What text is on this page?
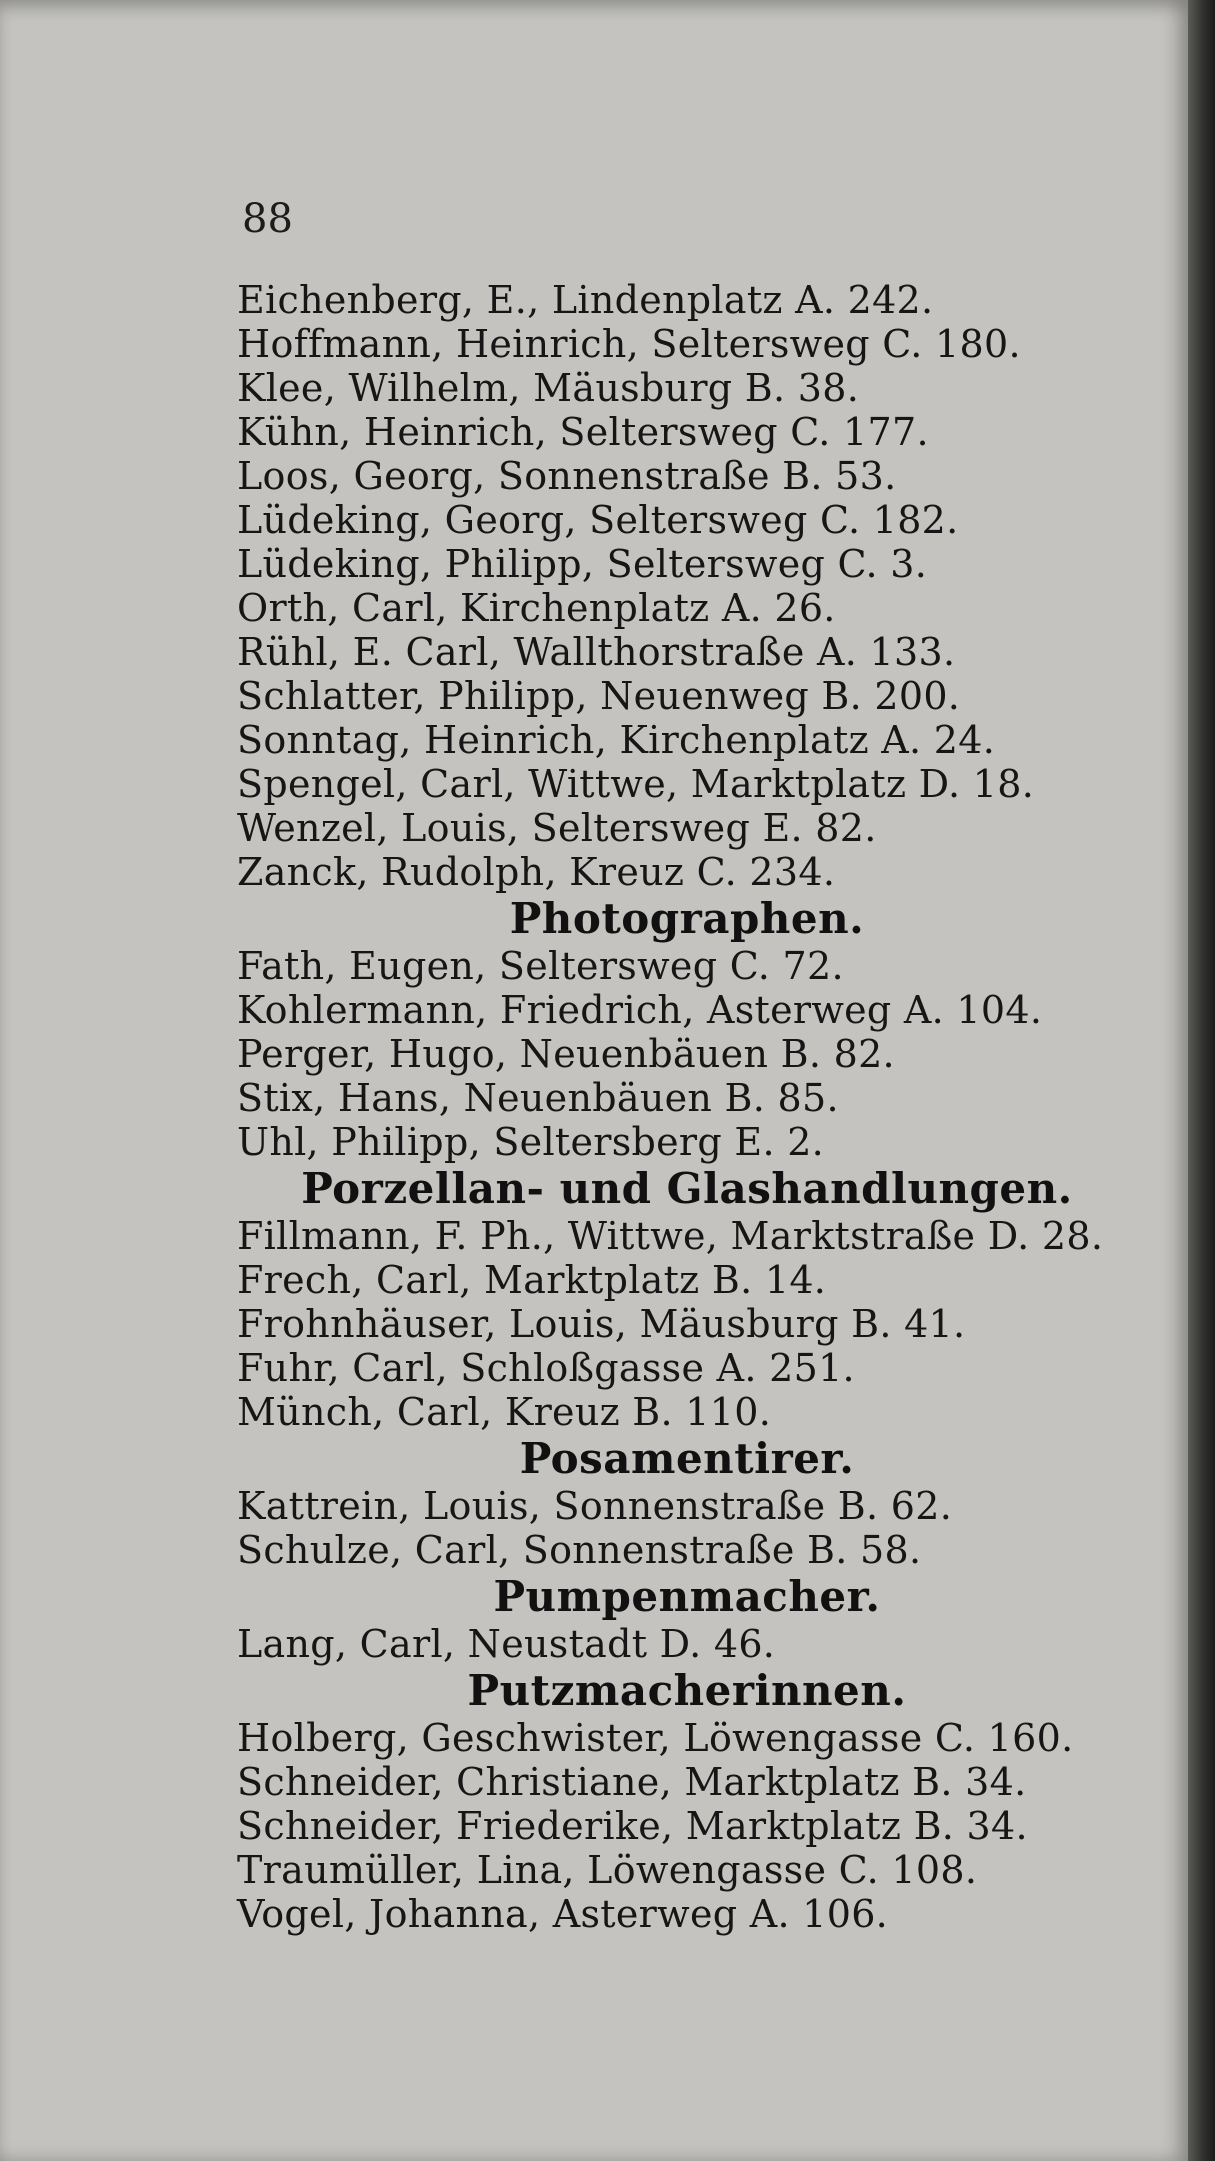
88
Eichenberg, E., Lindenplatz A. 242.
Hoffmann, Heinrich, Seltersweg C. 180.
Klee, Wilhelm, Mäusburg B. 38.
Kühn, Heinrich, Seltersweg C. 177.
Loos, Georg, Sonnenstraße B. 53.
Lüdeking, Georg, Seltersweg C. 182.
Lüdeking, Philipp, Seltersweg C. 3.
Orth, Carl, Kirchenplatz A. 26.
Rühl, E. Carl, Wallthorstraße A. 133.
Schlatter, Philipp, Neuenweg B. 200.
Sonntag, Heinrich, Kirchenplatz A. 24.
Spengel, Carl, Wittwe, Marktplatz D. 18.
Wenzel, Louis, Seltersweg E. 82.
Zanck, Rudolph, Kreuz C. 234.
Photographen.
Fath, Eugen, Seltersweg C. 72.
Kohlermann, Friedrich, Asterweg A. 104.
Perger, Hugo, Neuenbäuen B. 82.
Stix, Hans, Neuenbäuen B. 85.
Uhl, Philipp, Seltersberg E. 2.
Porzellan- und Glashandlungen.
Fillmann, F. Ph., Wittwe, Marktstraße D. 28.
Frech, Carl, Marktplatz B. 14.
Frohnhäuser, Louis, Mäusburg B. 41.
Fuhr, Carl, Schloßgasse A. 251.
Münch, Carl, Kreuz B. 110.
Posamentirer.
Kattrein, Louis, Sonnenstraße B. 62.
Schulze, Carl, Sonnenstraße B. 58.
Pumpenmacher.
Lang, Carl, Neustadt D. 46.
Putzmacherinnen.
Holberg, Geschwister, Löwengasse C. 160.
Schneider, Christiane, Marktplatz B. 34.
Schneider, Friederike, Marktplatz B. 34.
Traumüller, Lina, Löwengasse C. 108.
Vogel, Johanna, Asterweg A. 106.
